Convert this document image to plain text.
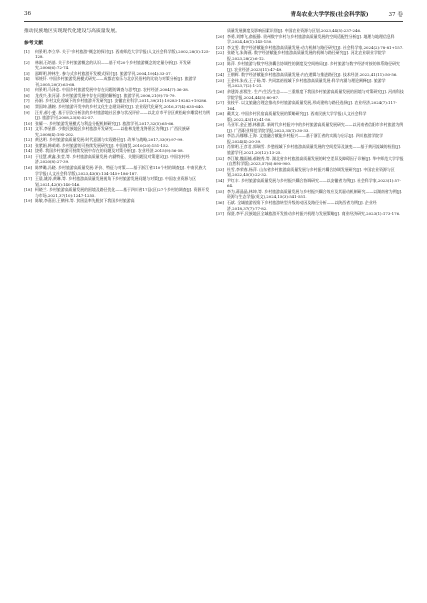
36	青岛农业大学学报(社会科学版)	37 卷
推动民族地区实现现代化建设与高质量发展。
参考文献
[1]	何景明,李立华. 关于"乡村旅游"概念的探讨[J]. 西南师范大学学报(人文社会科学版),2002,28(5):125-128.
[2]	林刚,石培基. 关于乡村旅游概念的认识——基于对20个乡村旅游概念的定量分析[J]. 开发研究,2006(6):72-74.
[3]	邵畔明,钟林生. 参与式乡村旅游开发模式探讨[J]. 旅游学刊,2004,19(4):33-37.
[4]	邹统钎. 中国乡村旅游发展模式研究——成都农家乐与北京民俗村的比较与对策分析[J]. 旅游学刊,2005,20(3):63-68.
[5]	何景明,马泽忠. 中国乡村旅游发展中存在问题的调查与思考[J]. 农村经济,2004(7):36-38.
[6]	龙茂兴,张河清. 乡村旅游发展中存在问题的解析[J]. 旅游学刊,2006,21(9):75-79.
[7]	孙娟. 乡村文化视域下的乡村旅游开发研究[J]. 安徽农业科学,2011,39(31):19283-19282+19286.
[8]	窦国坤,潘婉. 乡村旅游开发中的乡村文化生态建设研究[J]. 农业现代化研究,2016,37(4):635-640.
[9]	汪芳,郝小斐. 基于层次分析法的乡村旅游地社区参与状况评价——以北京市平谷区黄松峪乡雕窝村为例[J]. 旅游学刊,2008,23(8):52-57.
[10] 张耀一. 乡村旅游发展模式与利益分配机制研究[J]. 旅游学刊,2017,32(5):65-66.
[11] 文军,李星群. 少数民族地区乡村旅游开发研究——以桂林龙胜龙脊景区为例[J]. 广西民族研究,2008(4):195-202.
[12] 黄达明. 乡村旅游高质量发展:时代意涵与实现路径[J]. 改革与战略,2017,33(9):97-99.
[13] 张紫娟,韩萌萌. 乡村旅游的可持续发展研究[J]. 中国商贸,2010(20):151-152.
[14] 饶勇. 我国乡村旅游可持续发展中存在的问题及对策分析[J]. 农业经济,2015(9):56-58.
[15] 于佳慧,黄鑫,张莹,等. 乡村旅游高质量发展:内涵特征、关键问题及对策建议[J]. 中国农村经济,2020(8):27-39.
[16] 陈梦璐,冯晓. 乡村旅游高质量发展:评价、特征与对策——基于浙江省110个村的调查[J]. 中南民族大学学报(人文社会科学版),2023,43(8):134-145+186-187.
[17] 王晨,姚涛,黄琳,等. 乡村旅游高质量发展视角下乡村旅游发展问题与对策[J]. 中国农业资源与区划,2021,42(8):140-146.
[18] 柯晓兰. 乡村旅游高质量发展的困境及路径优化——基于四川省17县(区)27个乡村的调查[J]. 资源开发与市场,2021,37(10):1247-1255.
[19] 陈敏,李嘉田,王鹤伟,等. 贫困县率先脱贫下我国乡村旅游高
质量发展测度及影响因素识别[J]. 中国农业资源与区划,2023,44(5):237-246.
[20] 李勇,刘博飞,俞振静. 贵州数字乡村与乡村旅游高质量发展的空间适配性分析[J]. 地理与地理信息科学,2024,40(1):145-150.
[21] 李文雯. 数字经济赋能乡村旅游高质量发展:动力机制与路径研究[J]. 社会科学家,2024(2):78-81+157.
[22] 张晓飞,朱海燕. 数字经济赋能乡村旅游高质量发展的机制与路径研究[J]. 河北农业职业学院学报,2023,28(2):6-12.
[23] 陈萍. 乡村旅游与数字经济耦合协调性的测度及空间格局[J]. 乡村旅游与数字经济对接的体系路径研究[J]. 农业经济,2023(11):47-49.
[24] 王朝辉. 数字经济赋能乡村旅游高质量发展:内在逻辑与推进路径[J]. 技术经济,2022,41(11):50-56.
[25] 王金伟,朱戎,王子旸,等. 共同富裕视域下乡村旅游高质量发展:科学内涵与理论阐释[J]. 旅游学刊,2023,7(2):1-21.
[26] 余建涛,彭熙生. 生产/生活/生态——三重维度下我国乡村旅游高质量发展的困境与对策研究[J]. 河南科技学院学报,2024,44(5):80-87.
[27] 张枝平. 以文旅融合理念推动乡村旅游高质量发展,形成建构与路径选择[J]. 农业经济,2024(7):117-164.
[28] 戴其文. 中国乡村民宿高质量发展的策略研究[J]. 西南民族大学学报(人文社会科学版),2022,43(10):41-50.
[29] 马亚军,金正德,林雅淇. 新时代乡村振兴中的乡村旅游高质量发展研究——以河南省信阳市乡村旅游为例[J]. 广西职业师范学院学报,2023,35(1):30-33.
[30] 李浩,冯娜娜,王海. 文旅融合赋能乡村振兴——基于浙江省的实践与启示[J]. 四川旅游学院学报,2024(4):20-39.
[31] 肖黎明,王彦君,郭瑞雪. 乡愁视域下乡村旅游高质量发展的空间差异及演变——基于黄河流域的检验[J]. 旅游学刊,2021,20(12):13-25.
[32] 李江敏,魏雨楠,郝婉秀,等. 湖北省乡村旅游高质量发展的时空差异及障碍因子诊断[J]. 华中师范大学学报(自然科学版),2023,57(6):890-900.
[33] 杜雪,李荣春,杨萍. 山东省乡村旅游高质量发展与乡村振兴耦合协调发展研究[J]. 中国农业资源与区划,2022,45(5):22-32.
[34] 尹红丰. 乡村旅游高质量发展与乡村振兴耦合协调研究——以安徽省为例[J]. 社会科学家,2023(1):57-64.
[35] 李为,蒋晶晶,林坤,等. 乡村旅游高质量发展与乡村振兴耦合效应及其驱动机制研究——以湖南省为例[J]. 资源与生态学报(英文),2024,15(3):541-551.
[36] 石斌. 全域旅游视角下乡村旅游转型升级的动因及路径分析——以陕西省为例[J]. 企业经济,2018,37(7):77-82.
[37] 保贤,李平,民族地区全域旅游开发推动乡村振兴机理与发展策略[J]. 商业经济研究,2023(1):173-176.
